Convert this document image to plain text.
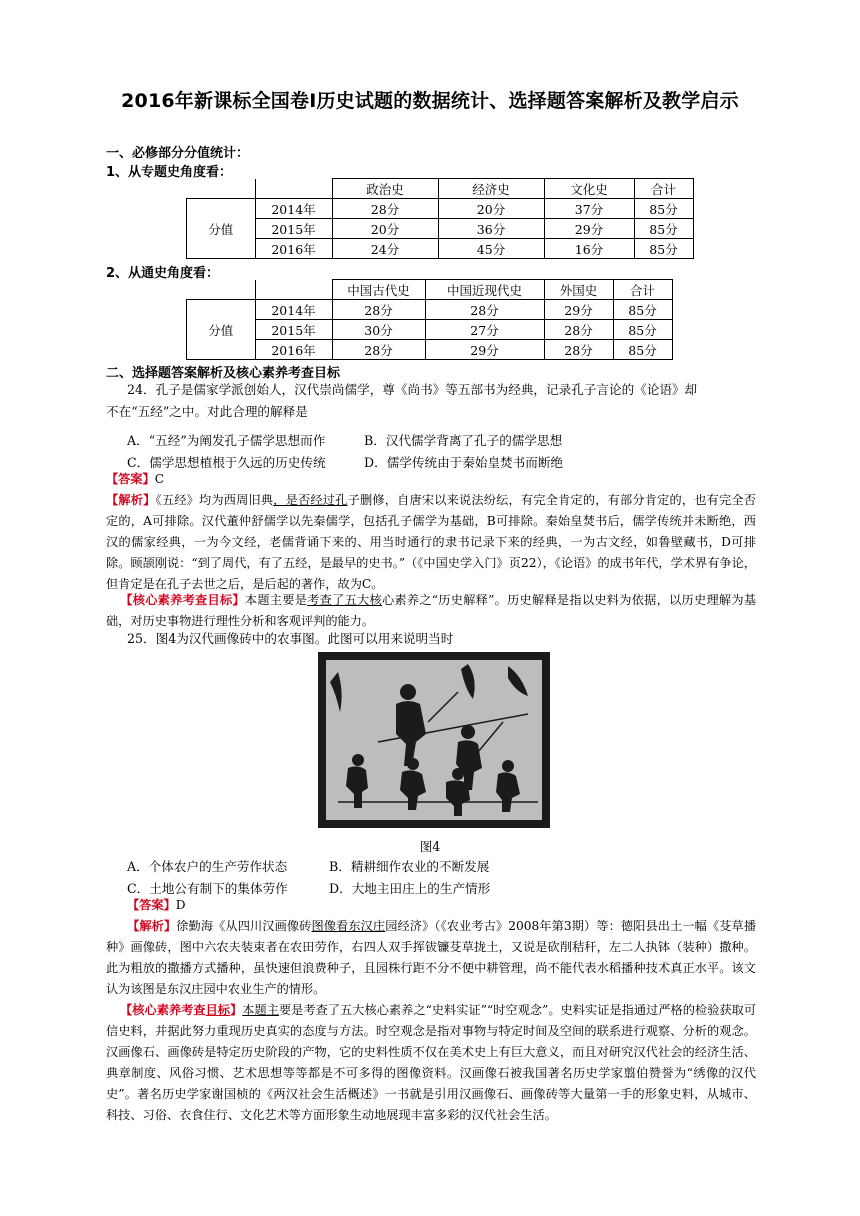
2016年新课标全国卷Ⅰ历史试题的数据统计、选择题答案解析及教学启示
一、必修部分分值统计：
1、从专题史角度看：
		政治史	经济史	文化史	合计
分值	2014年	28分	20分	37分	85分
	2015年	20分	36分	29分	85分
	2016年	24分	45分	16分	85分
2、从通史角度看：
		中国古代史	中国近现代史	外国史	合计
分值	2014年	28分	28分	29分	85分
	2015年	30分	27分	28分	85分
	2016年	28分	29分	28分	85分
二、选择题答案解析及核心素养考查目标
24．孔子是儒家学派创始人，汉代崇尚儒学，尊《尚书》等五部书为经典，记录孔子言论的《论语》却
不在“五经”之中。对此合理的解释是
A．“五经”为阐发孔子儒学思想而作	B．汉代儒学背离了孔子的儒学思想
C．儒学思想植根于久远的历史传统	D．儒学传统由于秦始皇焚书而断绝
【答案】C
【解析】《五经》均为西周旧典，是否经过孔子删修，自唐宋以来说法纷纭，有完全肯定的，有部分肯定的，也有完全否定的，A可排除。汉代董仲舒儒学以先秦儒学，包括孔子儒学为基础，B可排除。秦始皇焚书后，儒学传统并未断绝，西汉的儒家经典，一为今文经，老儒背诵下来的、用当时通行的隶书记录下来的经典，一为古文经，如鲁壁藏书，D可排除。顾颉刚说：“到了周代，有了五经，是最早的史书。”（《中国史学入门》页22），《论语》的成书年代，学术界有争论，但肯定是在孔子去世之后，是后起的著作，故为C。
【核心素养考查目标】本题主要是考查了五大核心素养之“历史解释”。历史解释是指以史料为依据，以历史理解为基础，对历史事物进行理性分析和客观评判的能力。
25．图4为汉代画像砖中的农事图。此图可以用来说明当时
图4
A．个体农户的生产劳作状态	B．精耕细作农业的不断发展
C．土地公有制下的集体劳作	D．大地主田庄上的生产情形
【答案】D
【解析】徐勤海《从四川汉画像砖图像看东汉庄园经济》（《农业考古》2008年第3期）等：德阳县出土一幅《芟草播种》画像砖，图中六农夫装束者在农田劳作，右四人双手挥钹镰芟草拢土，又说是砍削秸秆，左二人执钵（装种）撒种。此为粗放的撒播方式播种，虽快速但浪费种子，且园株行距不分不便中耕管理，尚不能代表水稻播种技术真正水平。该文认为该图是东汉庄园中农业生产的情形。
【核心素养考查目标】本题主要是考查了五大核心素养之“史料实证”“时空观念”。史料实证是指通过严格的检验获取可信史料，并据此努力重现历史真实的态度与方法。时空观念是指对事物与特定时间及空间的联系进行观察、分析的观念。汉画像石、画像砖是特定历史阶段的产物，它的史料性质不仅在美术史上有巨大意义，而且对研究汉代社会的经济生活、典章制度、风俗习惯、艺术思想等等都是不可多得的图像资料。汉画像石被我国著名历史学家翦伯赞誉为“绣像的汉代史”。著名历史学家谢国桢的《两汉社会生活概述》一书就是引用汉画像石、画像砖等大量第一手的形象史料，从城市、科技、习俗、衣食住行、文化艺术等方面形象生动地展现丰富多彩的汉代社会生活。
